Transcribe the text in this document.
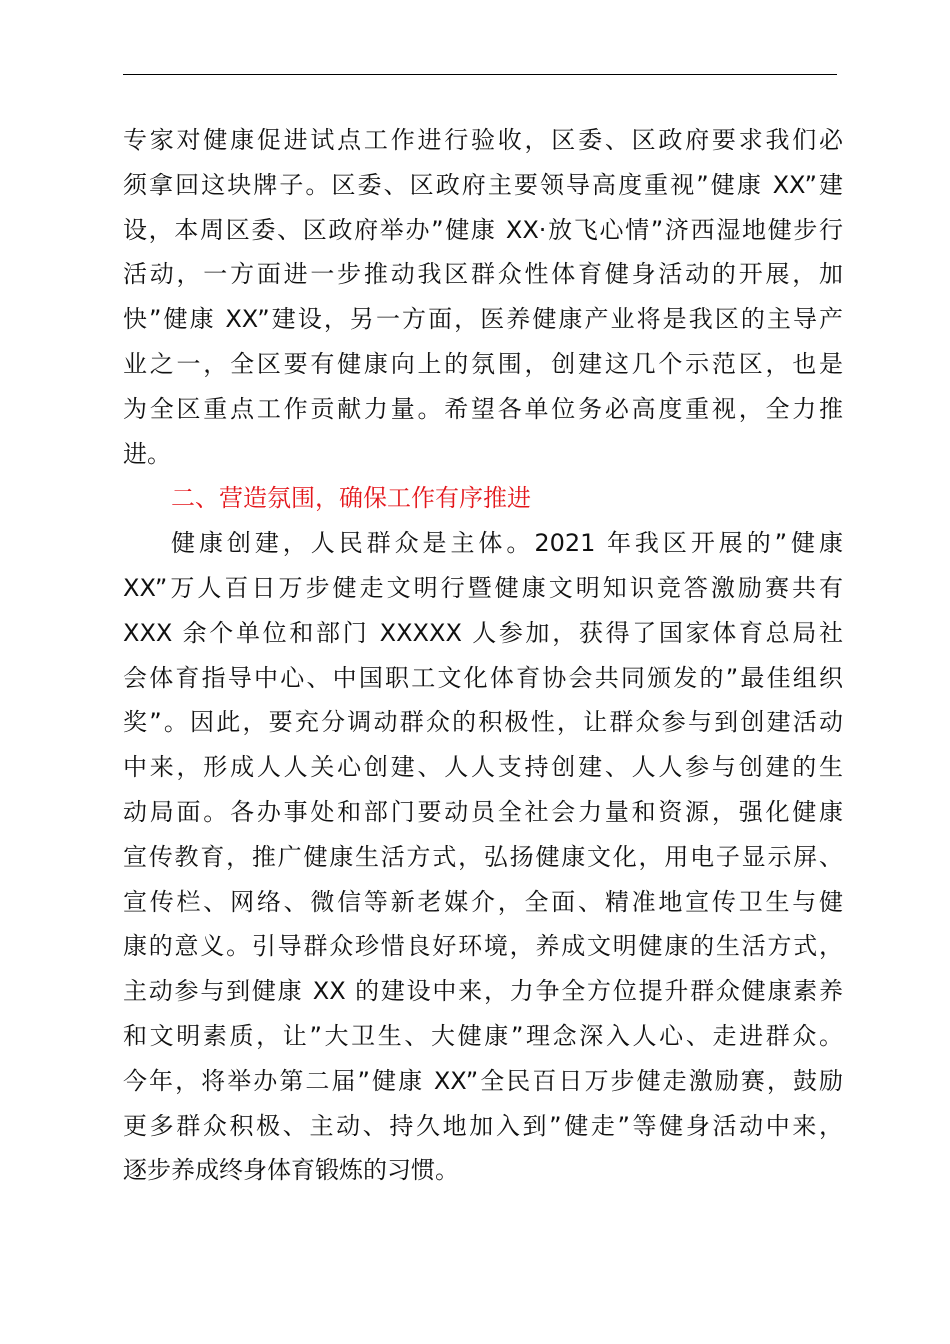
专家对健康促进试点工作进行验收，区委、区政府要求我们必
须拿回这块牌子。区委、区政府主要领导高度重视”健康 XX”建
设，本周区委、区政府举办”健康 XX·放飞心情”济西湿地健步行
活动，一方面进一步推动我区群众性体育健身活动的开展，加
快”健康 XX”建设，另一方面，医养健康产业将是我区的主导产
业之一，全区要有健康向上的氛围，创建这几个示范区，也是
为全区重点工作贡献力量。希望各单位务必高度重视，全力推
进。
二、营造氛围，确保工作有序推进
健康创建，人民群众是主体。2021 年我区开展的”健康
XX”万人百日万步健走文明行暨健康文明知识竞答激励赛共有
XXX 余个单位和部门 XXXXX 人参加，获得了国家体育总局社
会体育指导中心、中国职工文化体育协会共同颁发的”最佳组织
奖”。因此，要充分调动群众的积极性，让群众参与到创建活动
中来，形成人人关心创建、人人支持创建、人人参与创建的生
动局面。各办事处和部门要动员全社会力量和资源，强化健康
宣传教育，推广健康生活方式，弘扬健康文化，用电子显示屏、
宣传栏、网络、微信等新老媒介，全面、精准地宣传卫生与健
康的意义。引导群众珍惜良好环境，养成文明健康的生活方式，
主动参与到健康 XX 的建设中来，力争全方位提升群众健康素养
和文明素质，让”大卫生、大健康”理念深入人心、走进群众。
今年，将举办第二届”健康 XX”全民百日万步健走激励赛，鼓励
更多群众积极、主动、持久地加入到”健走”等健身活动中来，
逐步养成终身体育锻炼的习惯。
